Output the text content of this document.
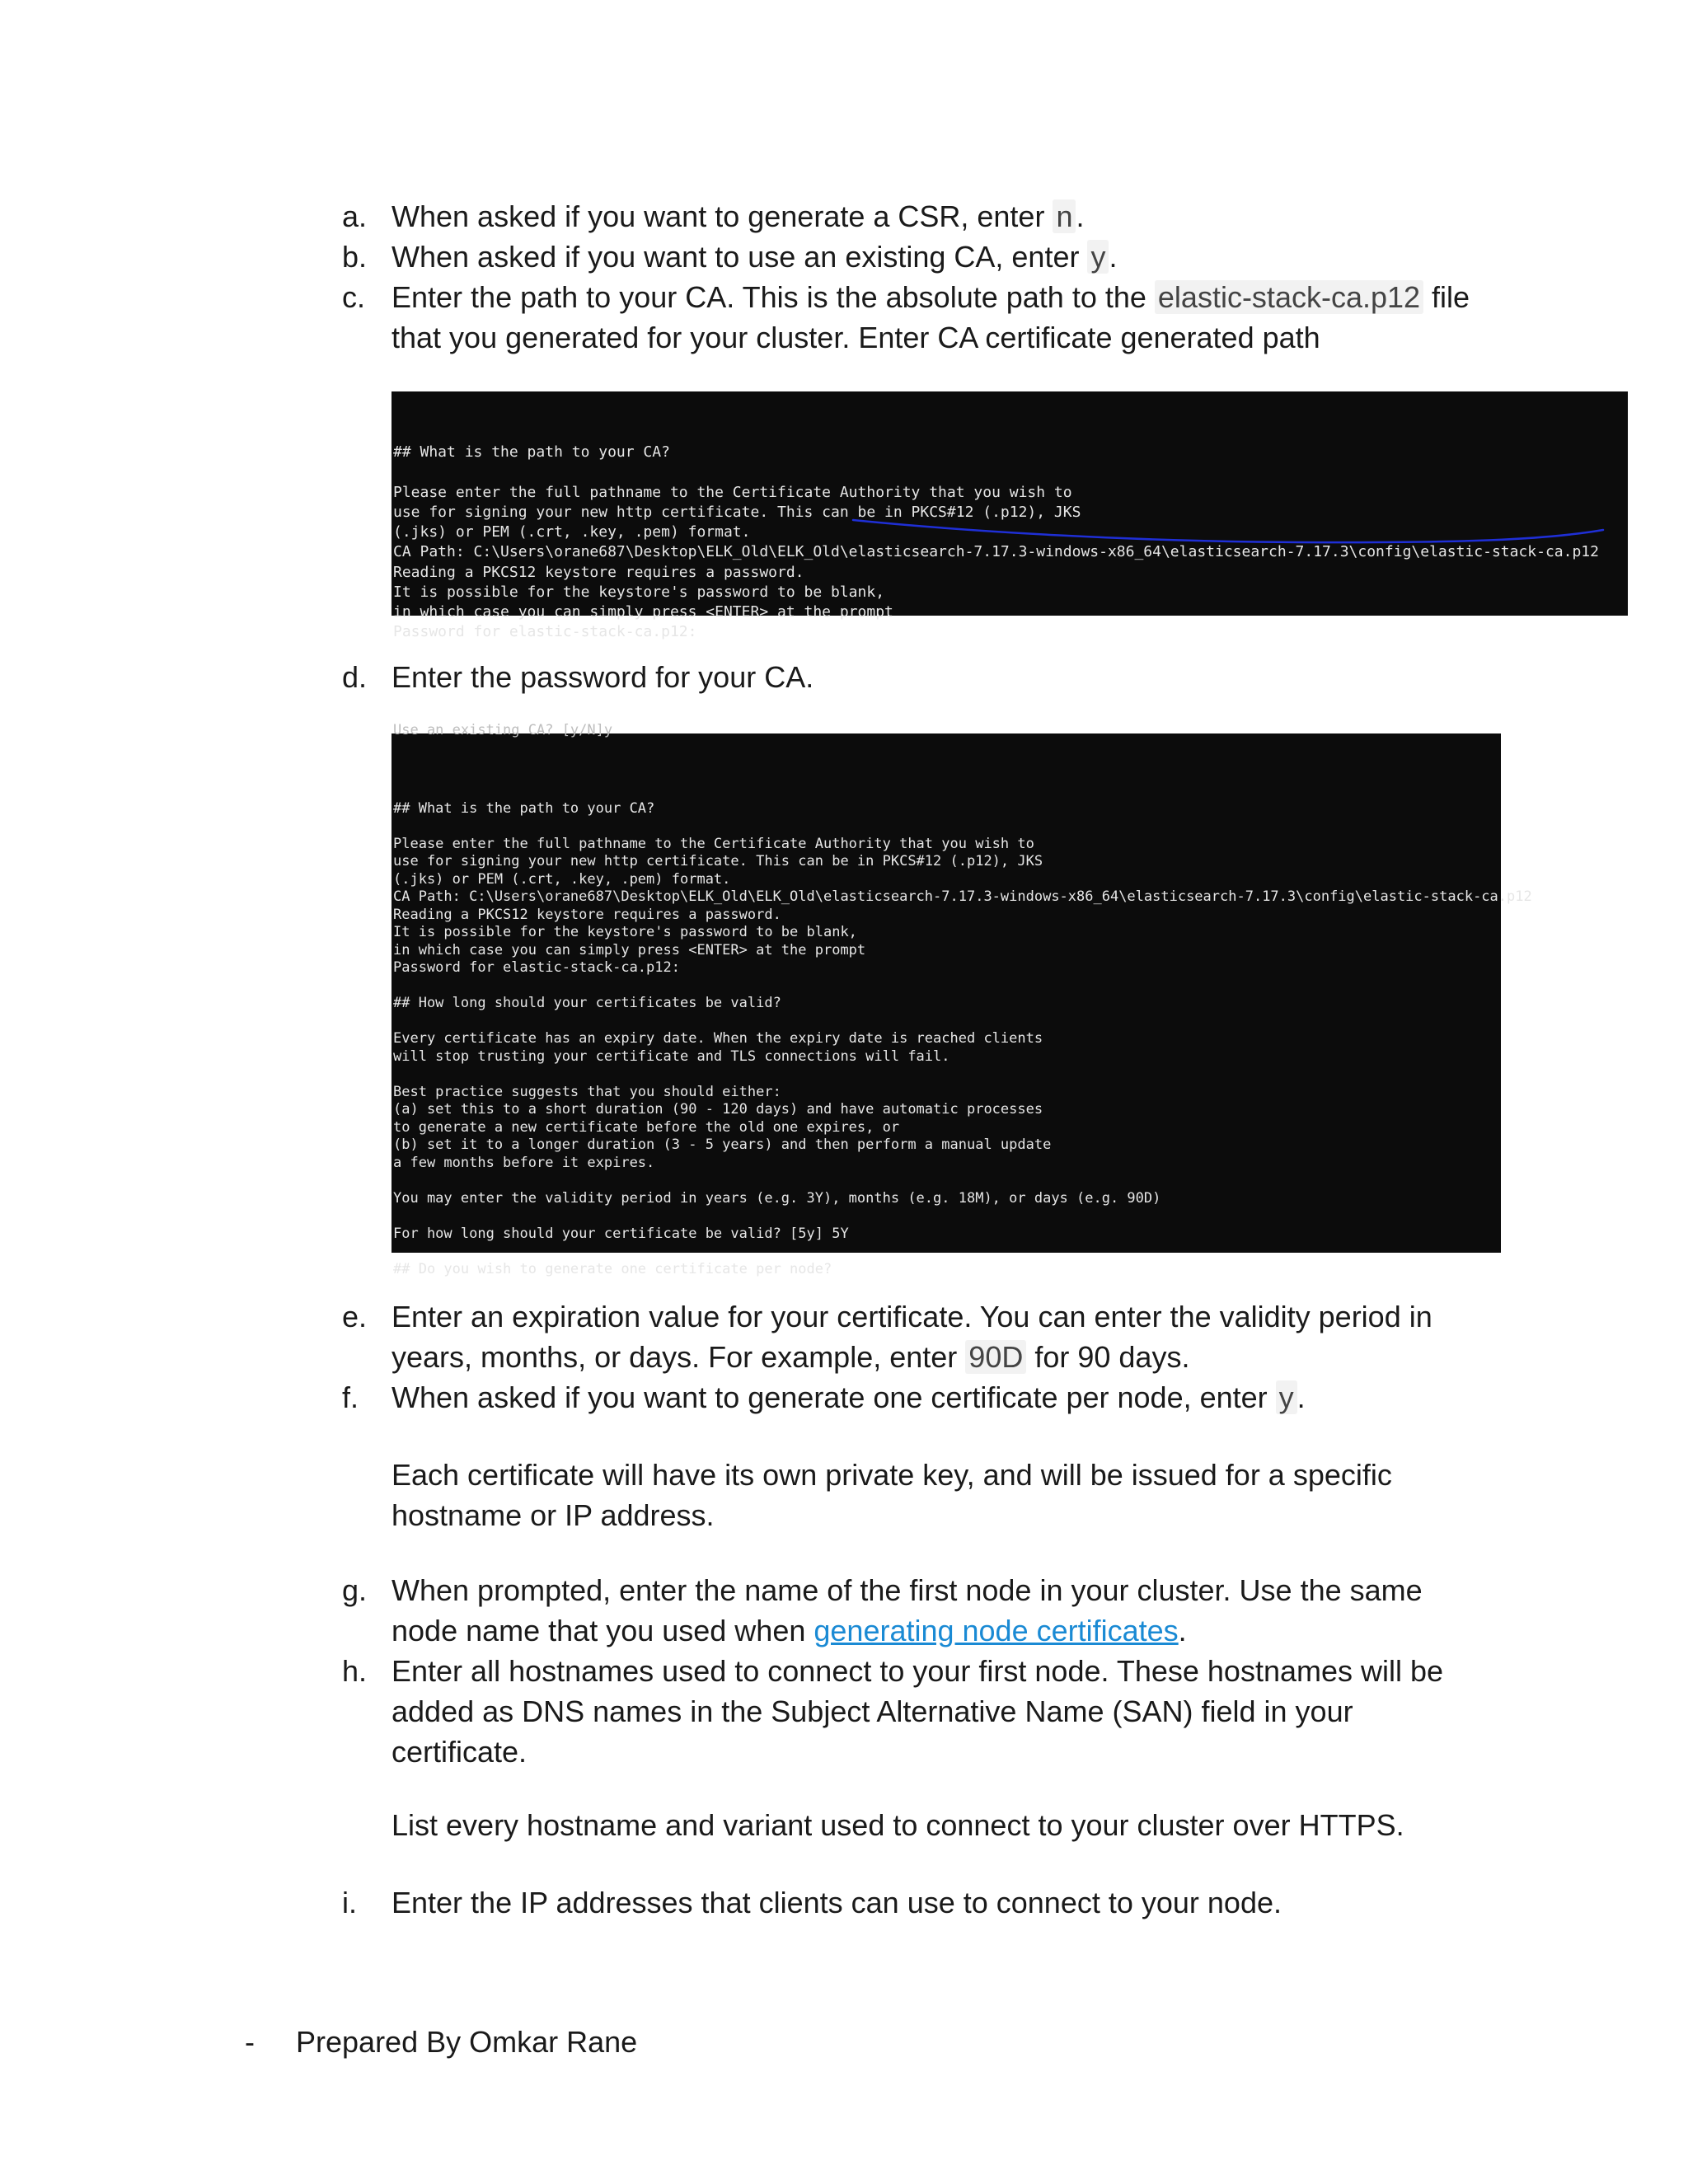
a. When asked if you want to generate a CSR, enter n .
b. When asked if you want to use an existing CA, enter y .
c. Enter the path to your CA. This is the absolute path to the elastic-stack-ca.p12 file that you generated for your cluster. Enter CA certificate generated path

## What is the path to your CA?

Please enter the full pathname to the Certificate Authority that you wish to
use for signing your new http certificate. This can be in PKCS#12 (.p12), JKS
(.jks) or PEM (.crt, .key, .pem) format.
CA Path: C:\Users\orane687\Desktop\ELK_Old\ELK_Old\elasticsearch-7.17.3-windows-x86_64\elasticsearch-7.17.3\config\elastic-stack-ca.p12
Reading a PKCS12 keystore requires a password.
It is possible for the keystore's password to be blank,
in which case you can simply press <ENTER> at the prompt
Password for elastic-stack-ca.p12:

d. Enter the password for your CA.

Use an existing CA? [y/N]y

## What is the path to your CA?

Please enter the full pathname to the Certificate Authority that you wish to
use for signing your new http certificate. This can be in PKCS#12 (.p12), JKS
(.jks) or PEM (.crt, .key, .pem) format.
CA Path: C:\Users\orane687\Desktop\ELK_Old\ELK_Old\elasticsearch-7.17.3-windows-x86_64\elasticsearch-7.17.3\config\elastic-stack-ca.p12
Reading a PKCS12 keystore requires a password.
It is possible for the keystore's password to be blank,
in which case you can simply press <ENTER> at the prompt
Password for elastic-stack-ca.p12:

## How long should your certificates be valid?

Every certificate has an expiry date. When the expiry date is reached clients
will stop trusting your certificate and TLS connections will fail.

Best practice suggests that you should either:
(a) set this to a short duration (90 - 120 days) and have automatic processes
to generate a new certificate before the old one expires, or
(b) set it to a longer duration (3 - 5 years) and then perform a manual update
a few months before it expires.

You may enter the validity period in years (e.g. 3Y), months (e.g. 18M), or days (e.g. 90D)

For how long should your certificate be valid? [5y] 5Y

## Do you wish to generate one certificate per node?

e. Enter an expiration value for your certificate. You can enter the validity period in years, months, or days. For example, enter 90D for 90 days.
f. When asked if you want to generate one certificate per node, enter y .
Each certificate will have its own private key, and will be issued for a specific hostname or IP address.
g. When prompted, enter the name of the first node in your cluster. Use the same node name that you used when generating node certificates.
h. Enter all hostnames used to connect to your first node. These hostnames will be added as DNS names in the Subject Alternative Name (SAN) field in your certificate.
List every hostname and variant used to connect to your cluster over HTTPS.
i. Enter the IP addresses that clients can use to connect to your node.
- Prepared By Omkar Rane
